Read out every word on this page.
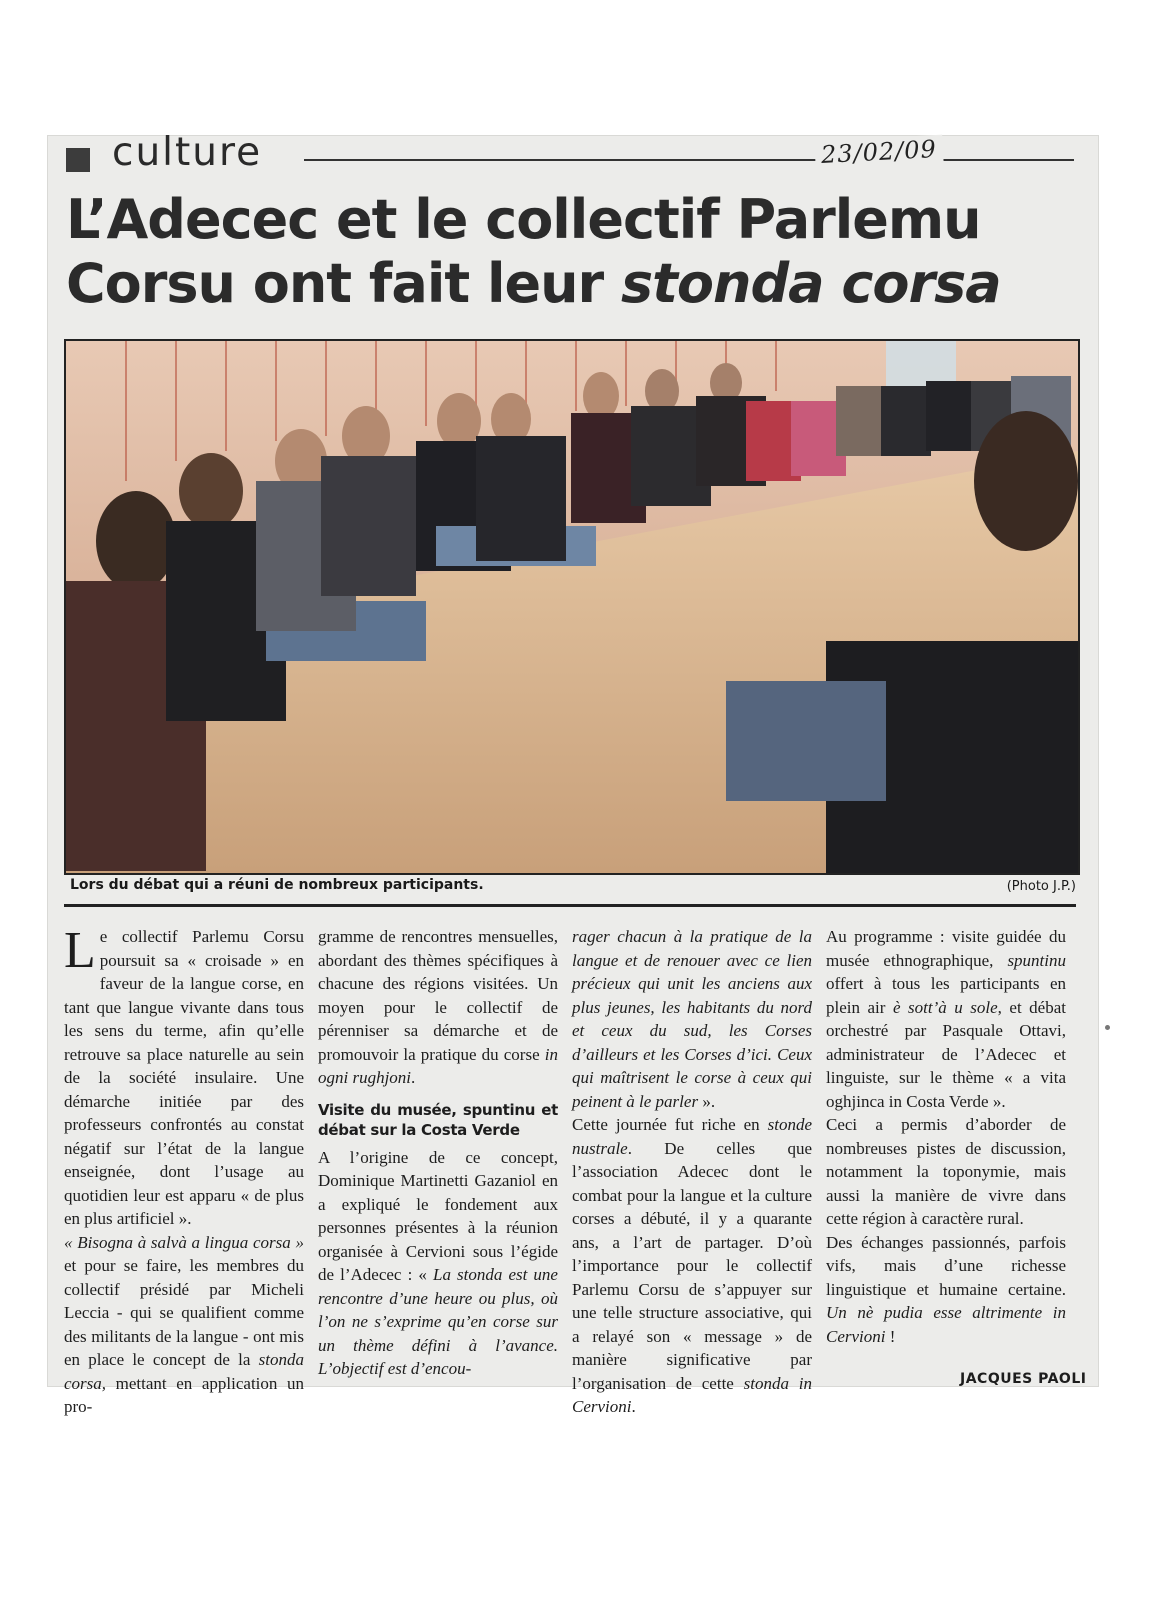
culture	23/02/09
L’Adecec et le collectif Parlemu
Corsu ont fait leur stonda corsa
Lors du débat qui a réuni de nombreux participants.	(Photo J.P.)

Le collectif Parlemu Corsu poursuit sa « croisade » en faveur de la langue corse, en tant que langue vivante dans tous les sens du terme, afin qu’elle retrouve sa place naturelle au sein de la société insulaire. Une démarche initiée par des professeurs confrontés au constat négatif sur l’état de la langue enseignée, dont l’usage au quotidien leur est apparu « de plus en plus artificiel ».

« Bisogna à salvà a lingua corsa » et pour se faire, les membres du collectif présidé par Micheli Leccia - qui se qualifient comme des militants de la langue - ont mis en place le concept de la stonda corsa, mettant en application un pro-

gramme de rencontres mensuelles, abordant des thèmes spécifiques à chacune des régions visitées. Un moyen pour le collectif de pérenniser sa démarche et de promouvoir la pratique du corse in ogni rughjoni.

Visite du musée, spuntinu et débat sur la Costa Verde

A l’origine de ce concept, Dominique Martinetti Gazaniol en a expliqué le fondement aux personnes présentes à la réunion organisée à Cervioni sous l’égide de l’Adecec : « La stonda est une rencontre d’une heure ou plus, où l’on ne s’exprime qu’en corse sur un thème défini à l’avance. L’objectif est d’encou-

rager chacun à la pratique de la langue et de renouer avec ce lien précieux qui unit les anciens aux plus jeunes, les habitants du nord et ceux du sud, les Corses d’ailleurs et les Corses d’ici. Ceux qui maîtrisent le corse à ceux qui peinent à le parler ».

Cette journée fut riche en stonde nustrale. De celles que l’association Adecec dont le combat pour la langue et la culture corses a débuté, il y a quarante ans, a l’art de partager. D’où l’importance pour le collectif Parlemu Corsu de s’appuyer sur une telle structure associative, qui a relayé son « message » de manière significative par l’organisation de cette stonda in Cervioni.

Au programme : visite guidée du musée ethnographique, spuntinu offert à tous les participants en plein air è sott’à u sole, et débat orchestré par Pasquale Ottavi, administrateur de l’Adecec et linguiste, sur le thème « a vita oghjinca in Costa Verde ».

Ceci a permis d’aborder de nombreuses pistes de discussion, notamment la toponymie, mais aussi la manière de vivre dans cette région à caractère rural.

Des échanges passionnés, parfois vifs, mais d’une richesse linguistique et humaine certaine. Un nè pudia esse altrimente in Cervioni !

JACQUES PAOLI
